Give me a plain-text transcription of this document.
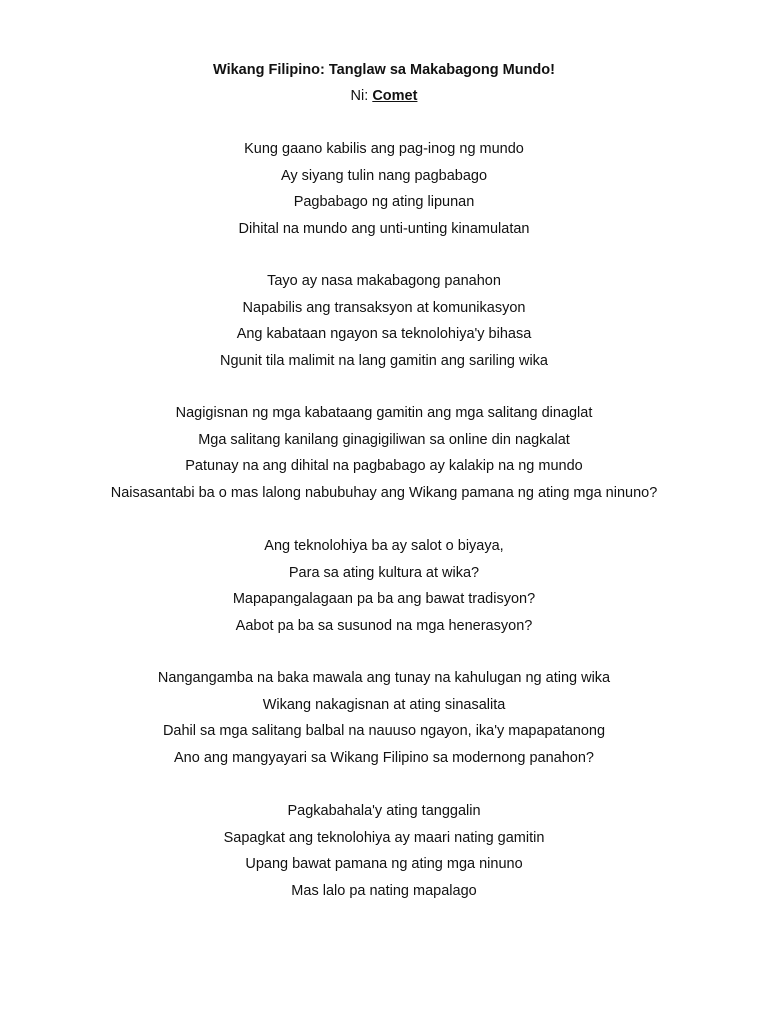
Wikang Filipino: Tanglaw sa Makabagong Mundo!
Ni: Comet
Kung gaano kabilis ang pag-inog ng mundo
Ay siyang tulin nang pagbabago
Pagbabago ng ating lipunan
Dihital na mundo ang unti-unting kinamulatan
Tayo ay nasa makabagong panahon
Napabilis ang transaksyon at komunikasyon
Ang kabataan ngayon sa teknolohiya'y bihasa
Ngunit tila malimit na lang gamitin ang sariling wika
Nagigisnan ng mga kabataang gamitin ang mga salitang dinaglat
Mga salitang kanilang ginagigiliwan sa online din nagkalat
Patunay na ang dihital na pagbabago ay kalakip na ng mundo
Naisasantabi ba o mas lalong nabubuhay ang Wikang pamana ng ating mga ninuno?
Ang teknolohiya ba ay salot o biyaya,
Para sa ating kultura at wika?
Mapapangalagaan pa ba ang bawat tradisyon?
Aabot pa ba sa susunod na mga henerasyon?
Nangangamba na baka mawala ang tunay na kahulugan ng ating wika
Wikang nakagisnan at ating sinasalita
Dahil sa mga salitang balbal na nauuso ngayon, ika'y mapapatanong
Ano ang mangyayari sa Wikang Filipino sa modernong panahon?
Pagkabahala'y ating tanggalin
Sapagkat ang teknolohiya ay maari nating gamitin
Upang bawat pamana ng ating mga ninuno
Mas lalo pa nating mapalago
